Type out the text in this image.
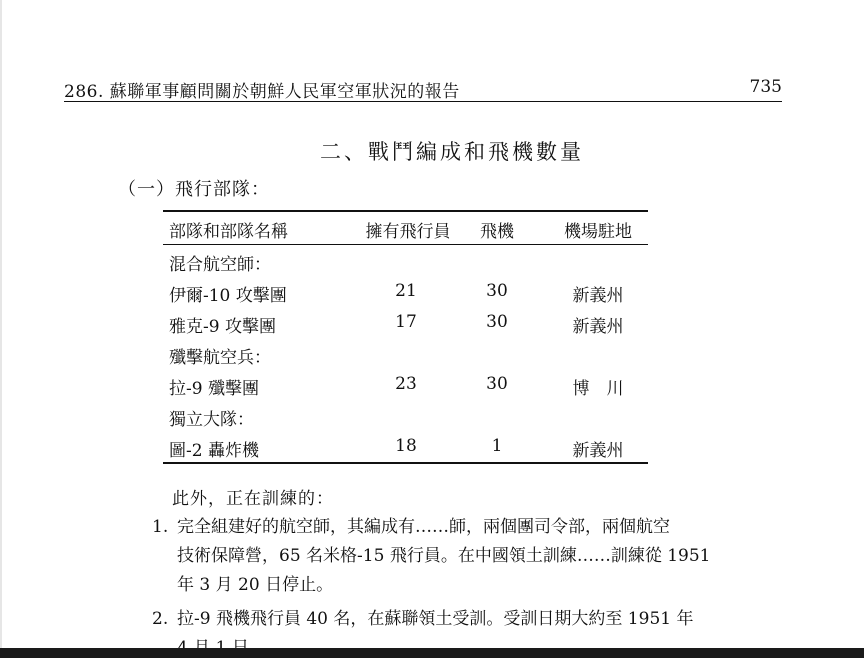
286. 蘇聯軍事顧問關於朝鮮人民軍空軍狀況的報告	735
二、戰鬥編成和飛機數量
（一）飛行部隊：
部隊和部隊名稱	擁有飛行員	飛機	機場駐地
混合航空師：
伊爾-10 攻擊團	21	30	新義州
雅克-9 攻擊團	17	30	新義州
殲擊航空兵：
拉-9 殲擊團	23	30	博　川
獨立大隊：
圖-2 轟炸機	18	1	新義州
此外，正在訓練的：
1. 完全組建好的航空師，其編成有……師，兩個團司令部，兩個航空
技術保障營，65 名米格-15 飛行員。在中國領土訓練……訓練從 1951
年 3 月 20 日停止。
2. 拉-9 飛機飛行員 40 名，在蘇聯領土受訓。受訓日期大約至 1951 年
